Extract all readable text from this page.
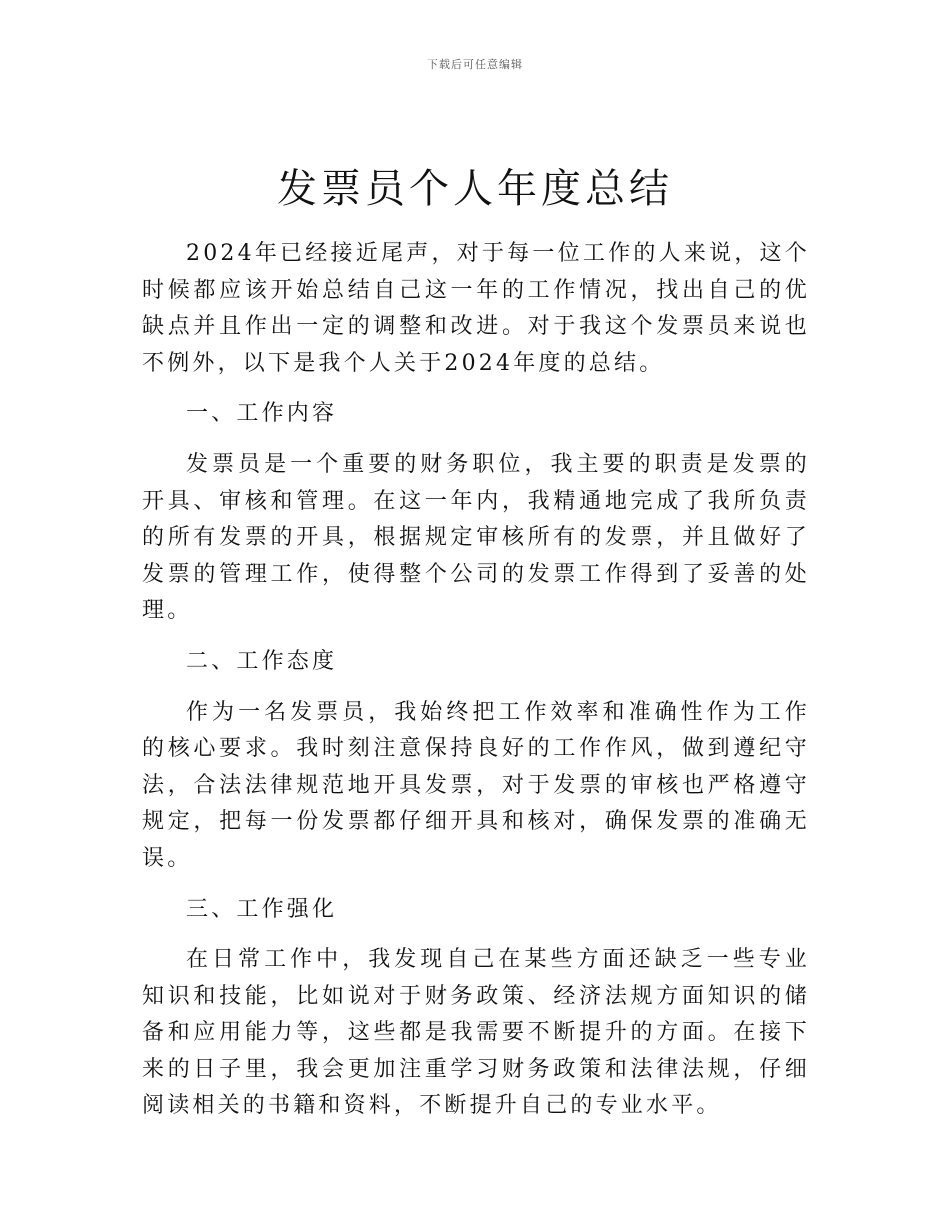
下载后可任意编辑
发票员个人年度总结

2024年已经接近尾声，对于每一位工作的人来说，这个时候都应该开始总结自己这一年的工作情况，找出自己的优缺点并且作出一定的调整和改进。对于我这个发票员来说也不例外，以下是我个人关于2024年度的总结。

一、工作内容

发票员是一个重要的财务职位，我主要的职责是发票的开具、审核和管理。在这一年内，我精通地完成了我所负责的所有发票的开具，根据规定审核所有的发票，并且做好了发票的管理工作，使得整个公司的发票工作得到了妥善的处理。

二、工作态度

作为一名发票员，我始终把工作效率和准确性作为工作的核心要求。我时刻注意保持良好的工作作风，做到遵纪守法，合法法律规范地开具发票，对于发票的审核也严格遵守规定，把每一份发票都仔细开具和核对，确保发票的准确无误。

三、工作强化

在日常工作中，我发现自己在某些方面还缺乏一些专业知识和技能，比如说对于财务政策、经济法规方面知识的储备和应用能力等，这些都是我需要不断提升的方面。在接下来的日子里，我会更加注重学习财务政策和法律法规，仔细阅读相关的书籍和资料，不断提升自己的专业水平。
